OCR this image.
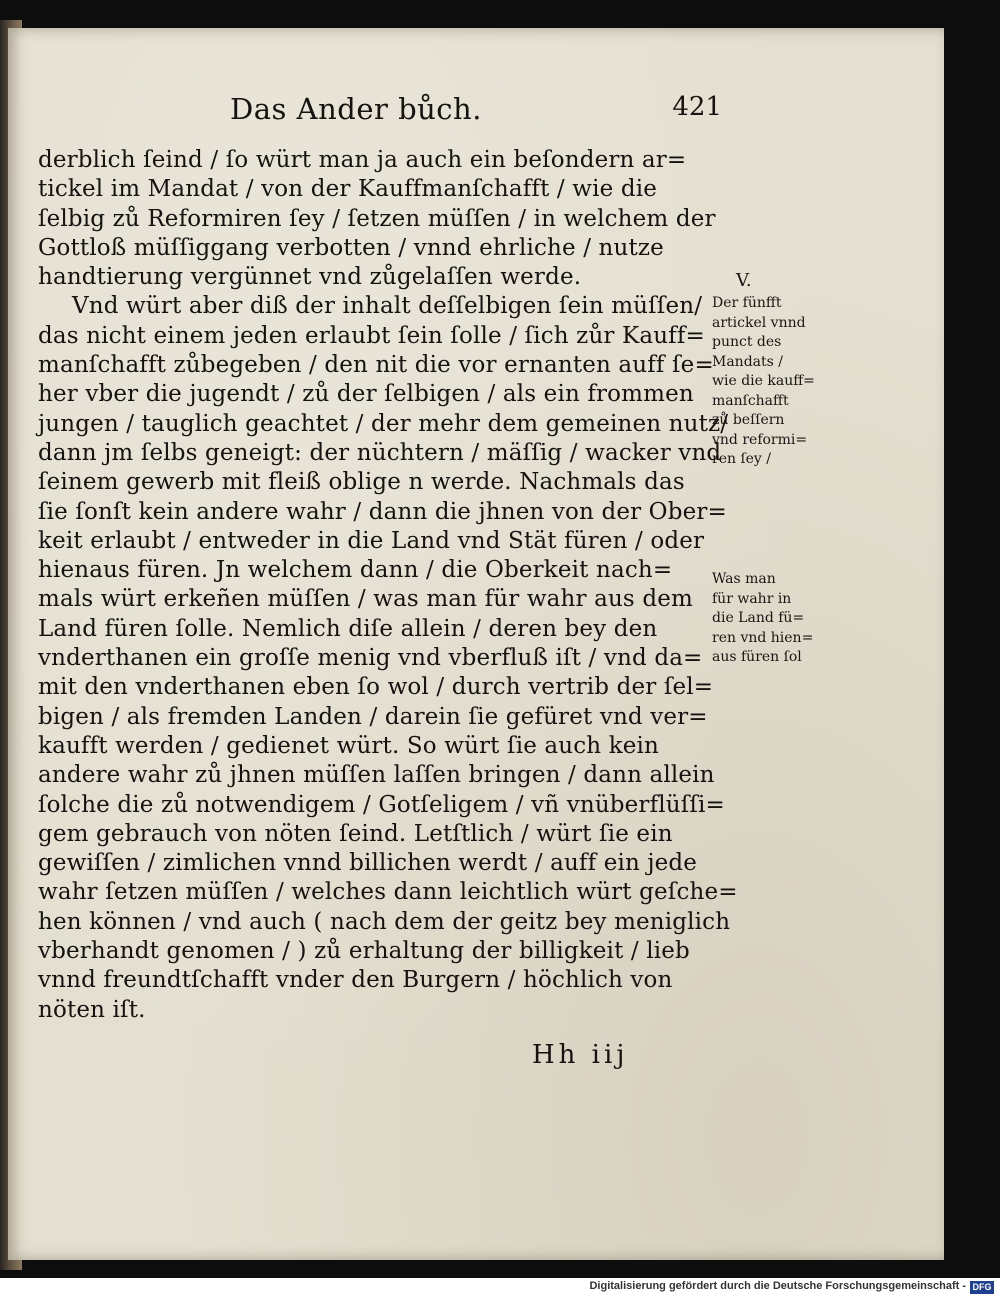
Das Ander bůch.	421
derblich ſeind / ſo würt man ja auch ein beſondern ar=
tickel im Mandat / von der Kauffmanſchafft / wie die
ſelbig zů Reformiren ſey / ſetzen müſſen / in welchem der
Gottloß müſſiggang verbotten / vnnd ehrliche / nutze
handtierung vergünnet vnd zůgelaſſen werde.
Vnd würt aber diß der inhalt deſſelbigen ſein müſſen/
das nicht einem jeden erlaubt ſein ſolle / ſich zůr Kauff=
manſchafft zůbegeben / den nit die vor ernanten auff ſe=
her vber die jugendt / zů der ſelbigen / als ein frommen
jungen / tauglich geachtet / der mehr dem gemeinen nutz/
dann jm ſelbs geneigt: der nüchtern / mäſſig / wacker vnd
ſeinem gewerb mit fleiß oblige n werde. Nachmals das
ſie ſonſt kein andere wahr / dann die jhnen von der Ober=
keit erlaubt / entweder in die Land vnd Stät füren / oder
hienaus füren. Jn welchem dann / die Oberkeit nach=
mals würt erkeñen müſſen / was man für wahr aus dem
Land füren ſolle. Nemlich diſe allein / deren bey den
vnderthanen ein groſſe menig vnd vberfluß iſt / vnd da=
mit den vnderthanen eben ſo wol / durch vertrib der ſel=
bigen / als fremden Landen / darein ſie gefüret vnd ver=
kaufft werden / gedienet würt. So würt ſie auch kein
andere wahr zů jhnen müſſen laſſen bringen / dann allein
ſolche die zů notwendigem / Gotſeligem / vñ vnüberflüſſi=
gem gebrauch von nöten ſeind. Letſtlich / würt ſie ein
gewiſſen / zimlichen vnnd billichen werdt / auff ein jede
wahr ſetzen müſſen / welches dann leichtlich würt geſche=
hen können / vnd auch ( nach dem der geitz bey meniglich
vberhandt genomen / ) zů erhaltung der billigkeit / lieb
vnnd freundtſchafft vnder den Burgern / höchlich von
nöten iſt.
V.
Der fünfft
artickel vnnd
punct des
Mandats /
wie die kauff=
manſchafft
zů beſſern
vnd reformi=
ren ſey /
Was man
für wahr in
die Land fü=
ren vnd hien=
aus füren ſol
Hh iij
Digitalisierung gefördert durch die Deutsche Forschungsgemeinschaft - DFG
